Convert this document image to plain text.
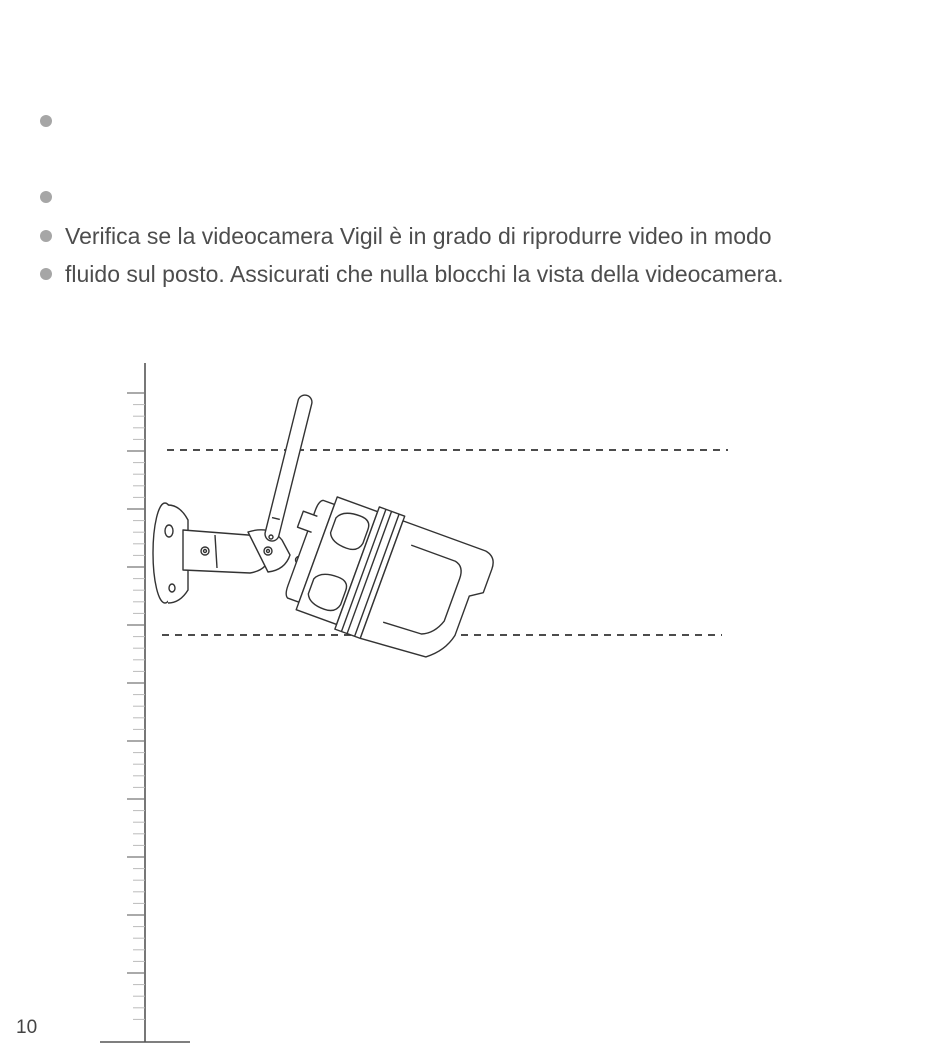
Verifica se la videocamera Vigil è in grado di riprodurre video in modo
fluido sul posto. Assicurati che nulla blocchi la vista della videocamera.
10
